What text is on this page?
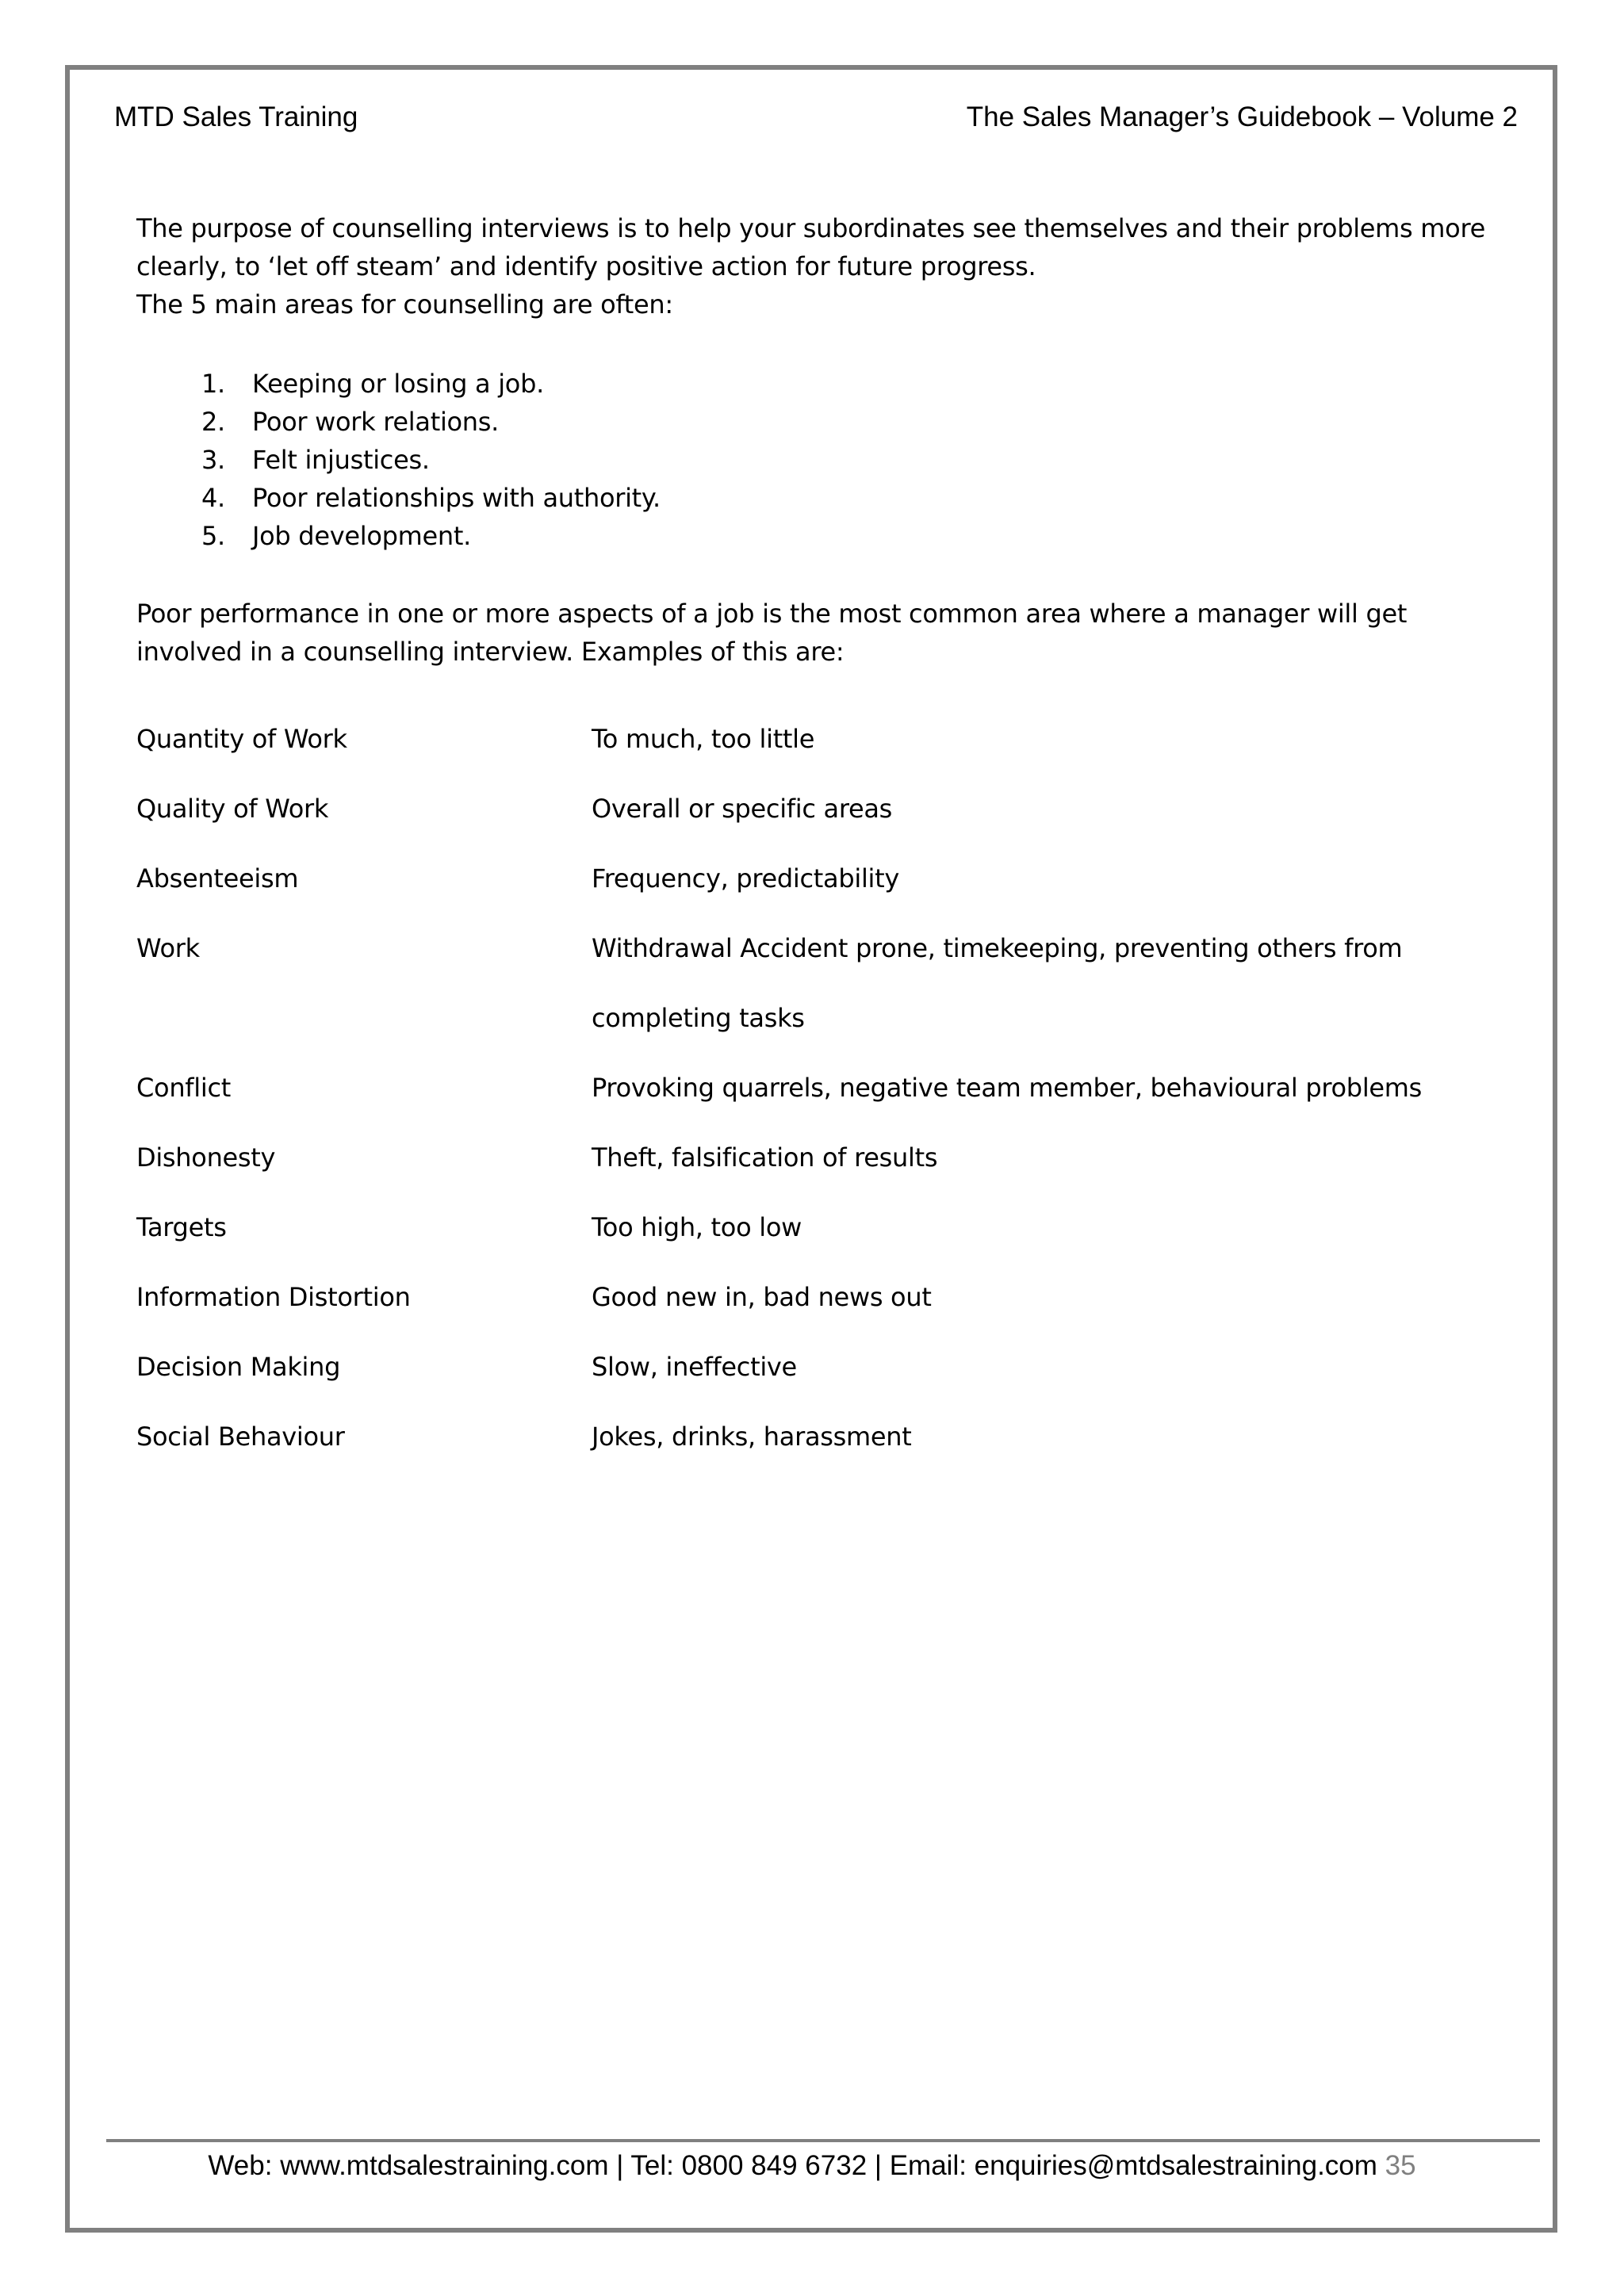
MTD Sales Training	The Sales Manager’s Guidebook – Volume 2

The purpose of counselling interviews is to help your subordinates see themselves and their problems more clearly, to ‘let off steam’ and identify positive action for future progress.

The 5 main areas for counselling are often:

1. Keeping or losing a job.
2. Poor work relations.
3. Felt injustices.
4. Poor relationships with authority.
5. Job development.

Poor performance in one or more aspects of a job is the most common area where a manager will get involved in a counselling interview. Examples of this are:

Quantity of Work	To much, too little
Quality of Work	Overall or specific areas
Absenteeism	Frequency, predictability
Work	Withdrawal Accident prone, timekeeping, preventing others from
completing tasks
Conflict	Provoking quarrels, negative team member, behavioural problems
Dishonesty	Theft, falsification of results
Targets	Too high, too low
Information Distortion	Good new in, bad news out
Decision Making	Slow, ineffective
Social Behaviour	Jokes, drinks, harassment
Web: www.mtdsalestraining.com | Tel: 0800 849 6732 | Email: enquiries@mtdsalestraining.com 35
